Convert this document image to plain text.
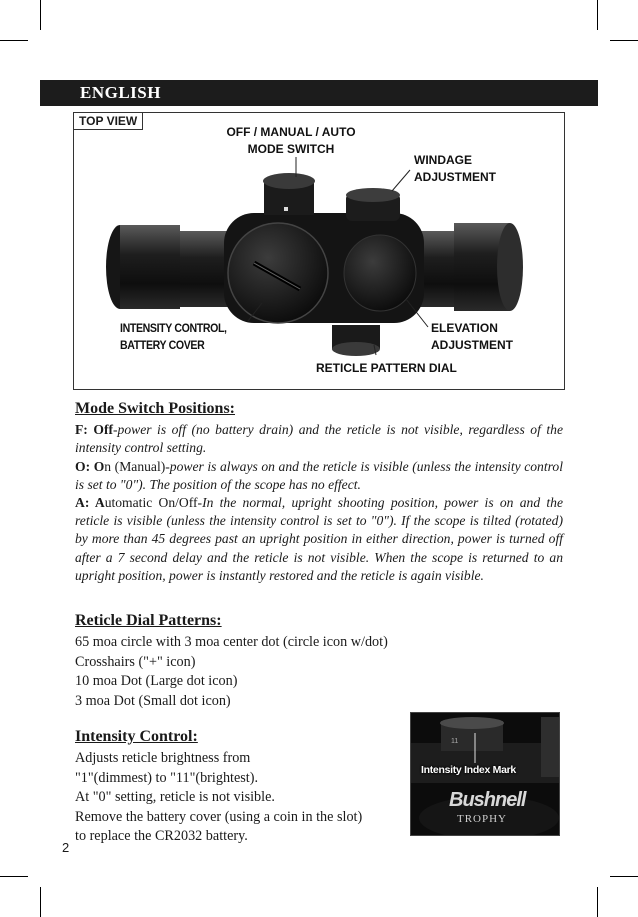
ENGLISH
TOP VIEW
OFF / MANUAL / AUTO
MODE SWITCH
WINDAGE
ADJUSTMENT
INTENSITY CONTROL,
BATTERY COVER
ELEVATION
ADJUSTMENT
RETICLE PATTERN DIAL
Mode Switch Positions:

F: Off-power is off (no battery drain) and the reticle is not visible, regardless of the intensity control setting.

O: On (Manual)-power is always on and the reticle is visible (unless the intensity control is set to "0"). The position of the scope has no effect.

A: Automatic On/Off-In the normal, upright shooting position, power is on and the reticle is visible (unless the intensity control is set to "0"). If the scope is tilted (rotated) by more than 45 degrees past an upright position in either direction, power is turned off after a 7 second delay and the reticle is not visible. When the scope is returned to an upright position, power is instantly restored and the reticle is again visible.

Reticle Dial Patterns:
65 moa circle with 3 moa center dot (circle icon w/dot)
Crosshairs ("+" icon)
10 moa Dot (Large dot icon)
3 moa Dot (Small dot icon)
Intensity Control:
Adjusts reticle brightness from
"1"(dimmest) to "11"(brightest).
At "0" setting, reticle is not visible.
Remove the battery cover (using a coin in the slot)
to replace the CR2032 battery.
11
Intensity Index Mark
Bushnell
TROPHY
2
